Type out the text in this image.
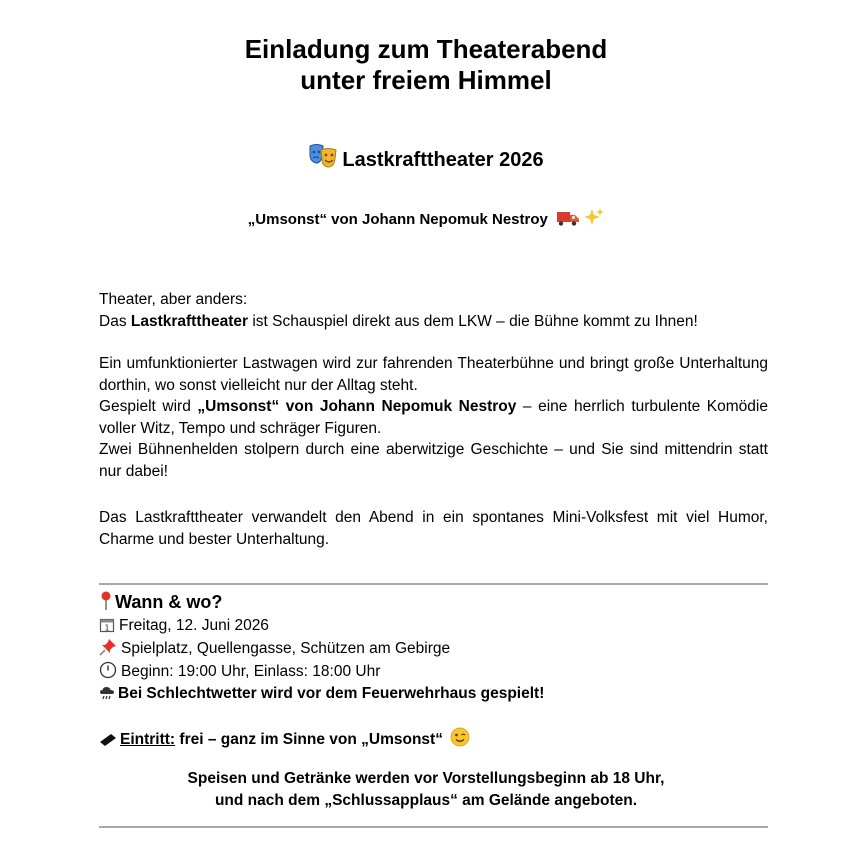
Einladung zum Theaterabend
unter freiem Himmel
Lastkrafttheater 2026
„Umsonst“ von Johann Nepomuk Nestroy
Theater, aber anders:
Das Lastkrafttheater ist Schauspiel direkt aus dem LKW – die Bühne kommt zu Ihnen!
Ein umfunktionierter Lastwagen wird zur fahrenden Theaterbühne und bringt große Unterhaltung dorthin, wo sonst vielleicht nur der Alltag steht.
Gespielt wird „Umsonst“ von Johann Nepomuk Nestroy – eine herrlich turbulente Komödie voller Witz, Tempo und schräger Figuren.
Zwei Bühnenhelden stolpern durch eine aberwitzige Geschichte – und Sie sind mittendrin statt nur dabei!
Das Lastkrafttheater verwandelt den Abend in ein spontanes Mini-Volksfest mit viel Humor, Charme und bester Unterhaltung.
Wann & wo?
1 Freitag, 12. Juni 2026
Spielplatz, Quellengasse, Schützen am Gebirge
Beginn: 19:00 Uhr, Einlass: 18:00 Uhr
Bei Schlechtwetter wird vor dem Feuerwehrhaus gespielt!
Eintritt: frei – ganz im Sinne von „Umsonst“
Speisen und Getränke werden vor Vorstellungsbeginn ab 18 Uhr,
und nach dem „Schlussapplaus“ am Gelände angeboten.
